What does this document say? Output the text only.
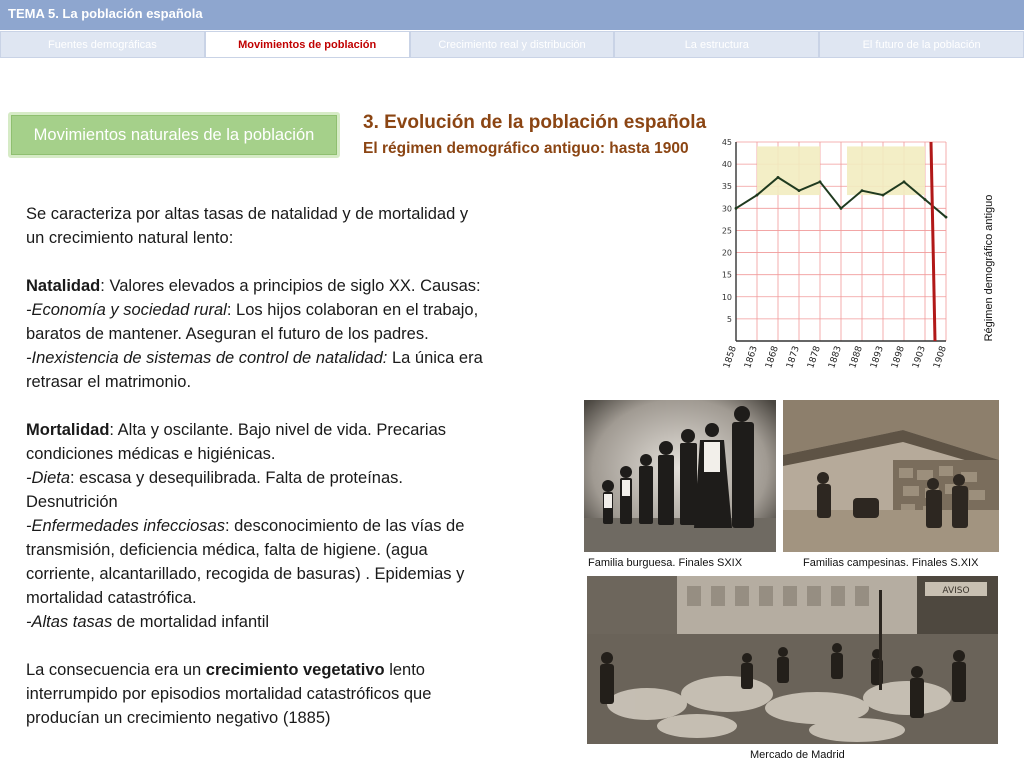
TEMA 5. La población española
Fuentes demográficas	Movimientos de población	Crecimiento real y distribución	La estructura	El futuro de la población
Movimientos naturales de la población
3. Evolución de la población española
El régimen demográfico antiguo: hasta 1900

Se caracteriza por altas tasas de natalidad y de mortalidad y

un crecimiento natural lento:

Natalidad: Valores elevados a principios de siglo XX. Causas:

-Economía y sociedad rural: Los hijos colaboran en el trabajo,

baratos de mantener. Aseguran el futuro de los padres.

-Inexistencia de sistemas de control de natalidad: La única era

retrasar el matrimonio.

Mortalidad: Alta y oscilante. Bajo nivel de vida. Precarias

condiciones médicas e higiénicas.

-Dieta: escasa y desequilibrada. Falta de proteínas.

Desnutrición

-Enfermedades infecciosas: desconocimiento de las vías de

transmisión, deficiencia médica, falta de higiene. (agua

corriente, alcantarillado, recogida de basuras) . Epidemias y

mortalidad catastrófica.

-Altas tasas de mortalidad infantil

La consecuencia era un crecimiento vegetativo lento

interrumpido por episodios mortalidad catastróficos que

producían un crecimiento negativo (1885)

5
10
15
20
25
30
35
40
45
1858 1863 1868 1873 1878 1883 1888 1893 1898 1903 1908
Régimen demográfico antiguo
Familia burguesa. Finales SXIX	Familias campesinas. Finales S.XIX
AVISO
Mercado de Madrid
